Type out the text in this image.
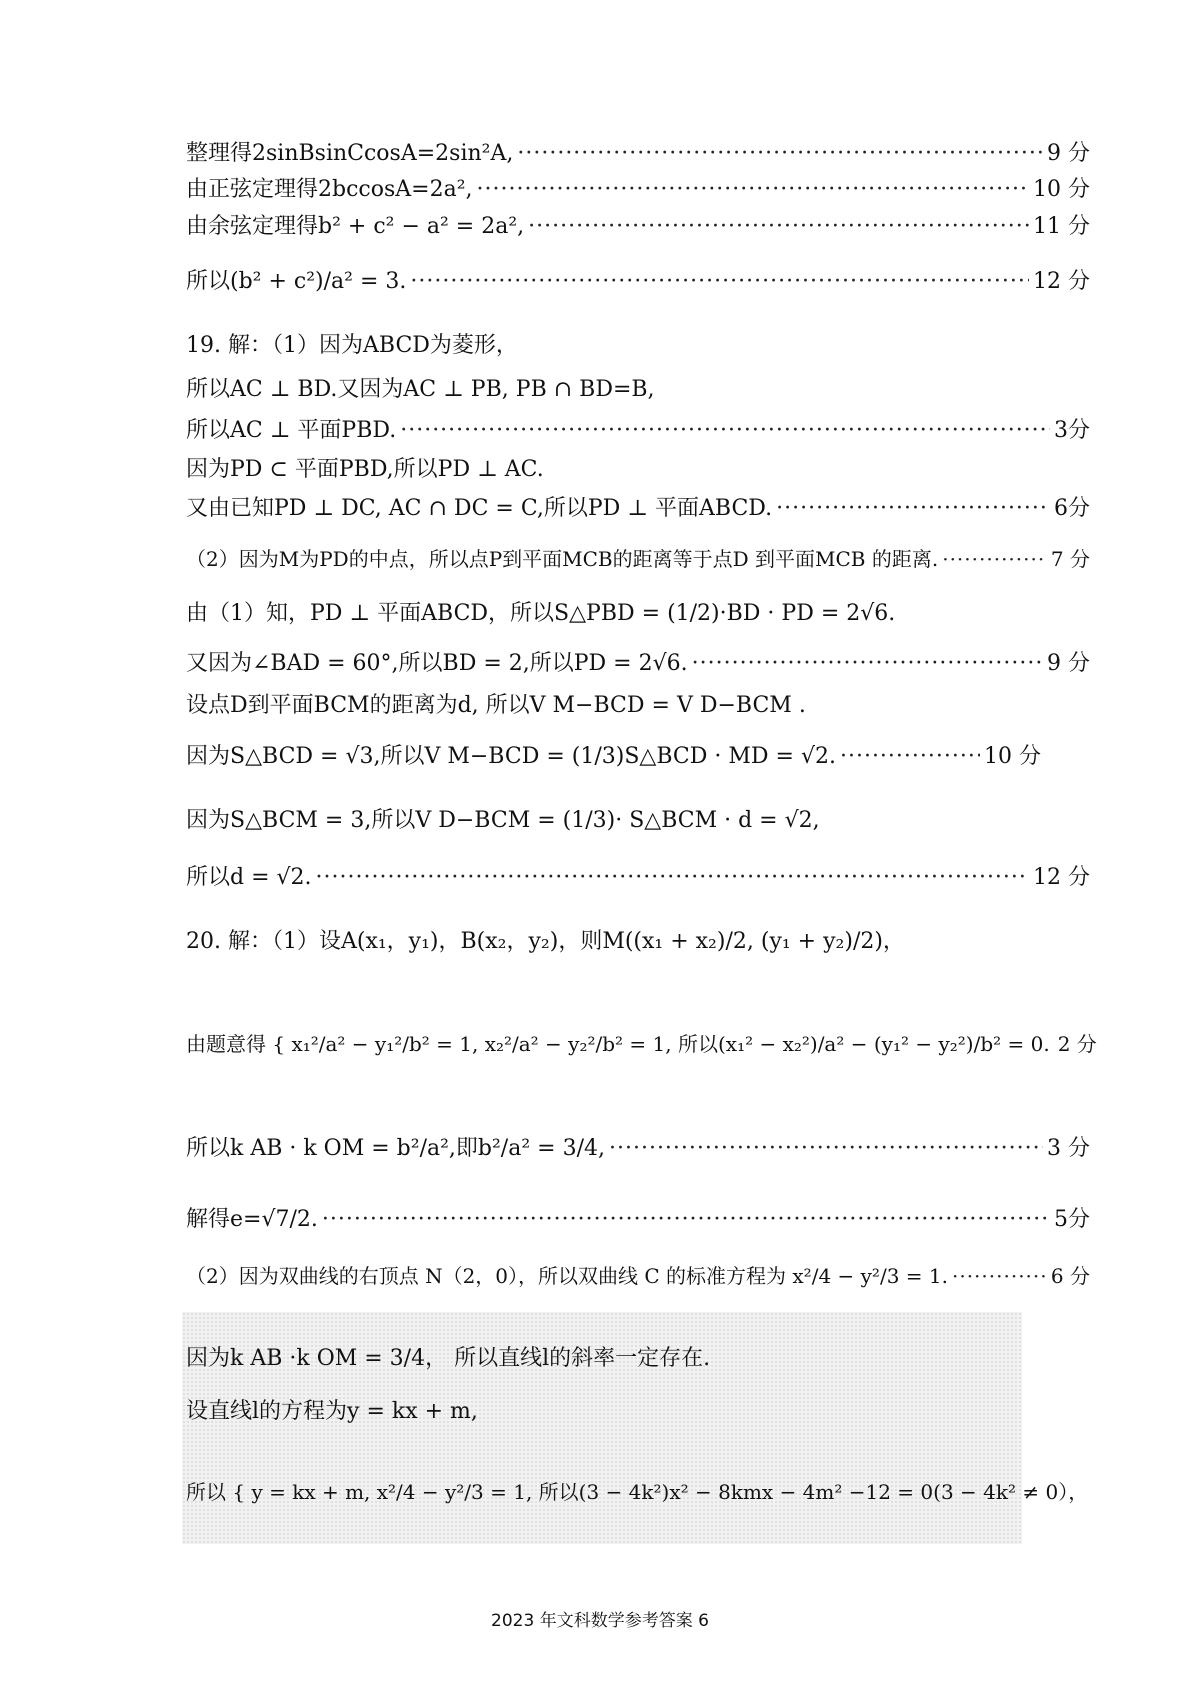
整理得2sinBsinCcosA=2sin²A, ·····	9 分
由正弦定理得2bccosA=2a², ·····	10 分
由余弦定理得b² + c² − a² = 2a², ·····	11 分
所以(b² + c²)/a² = 3. ·····	12 分
19. 解：（1）因为ABCD为菱形，
所以AC ⊥ BD.又因为AC ⊥ PB, PB ∩ BD=B,
所以AC ⊥ 平面PBD. ·····	3分
因为PD ⊂ 平面PBD,所以PD ⊥ AC.
又由已知PD ⊥ DC, AC ∩ DC = C,所以PD ⊥ 平面ABCD. ·····	6分
（2）因为M为PD的中点，所以点P到平面MCB的距离等于点D 到平面MCB 的距离. ·····	7 分
由（1）知，PD ⊥ 平面ABCD，所以S△PBD = (1/2)·BD · PD = 2√6.
又因为∠BAD = 60°,所以BD = 2,所以PD = 2√6. ·····	9 分
设点D到平面BCM的距离为d, 所以V M−BCD = V D−BCM .
因为S△BCD = √3,所以V M−BCD = (1/3)S△BCD · MD = √2. ·····	10 分
因为S△BCM = 3,所以V D−BCM = (1/3)· S△BCM · d = √2,
所以d = √2. ·····	12 分
20. 解：（1）设A(x₁，y₁)，B(x₂，y₂)，则M((x₁ + x₂)/2, (y₁ + y₂)/2)，
由题意得 { x₁²/a² − y₁²/b² = 1, x₂²/a² − y₂²/b² = 1, 所以(x₁² − x₂²)/a² − (y₁² − y₂²)/b² = 0. 2 分
所以k AB · k OM = b²/a²,即b²/a² = 3/4, ·····	3 分
解得e=√7/2. ·····	5分
（2）因为双曲线的右顶点 N（2，0），所以双曲线 C 的标准方程为 x²/4 − y²/3 = 1. ·····	6 分
因为k AB ·k OM = 3/4， 所以直线l的斜率一定存在.
设直线l的方程为y = kx + m,
所以 { y = kx + m, x²/4 − y²/3 = 1, 所以(3 − 4k²)x² − 8kmx − 4m² −12 = 0(3 − 4k² ≠ 0），
2023 年文科数学参考答案 6
